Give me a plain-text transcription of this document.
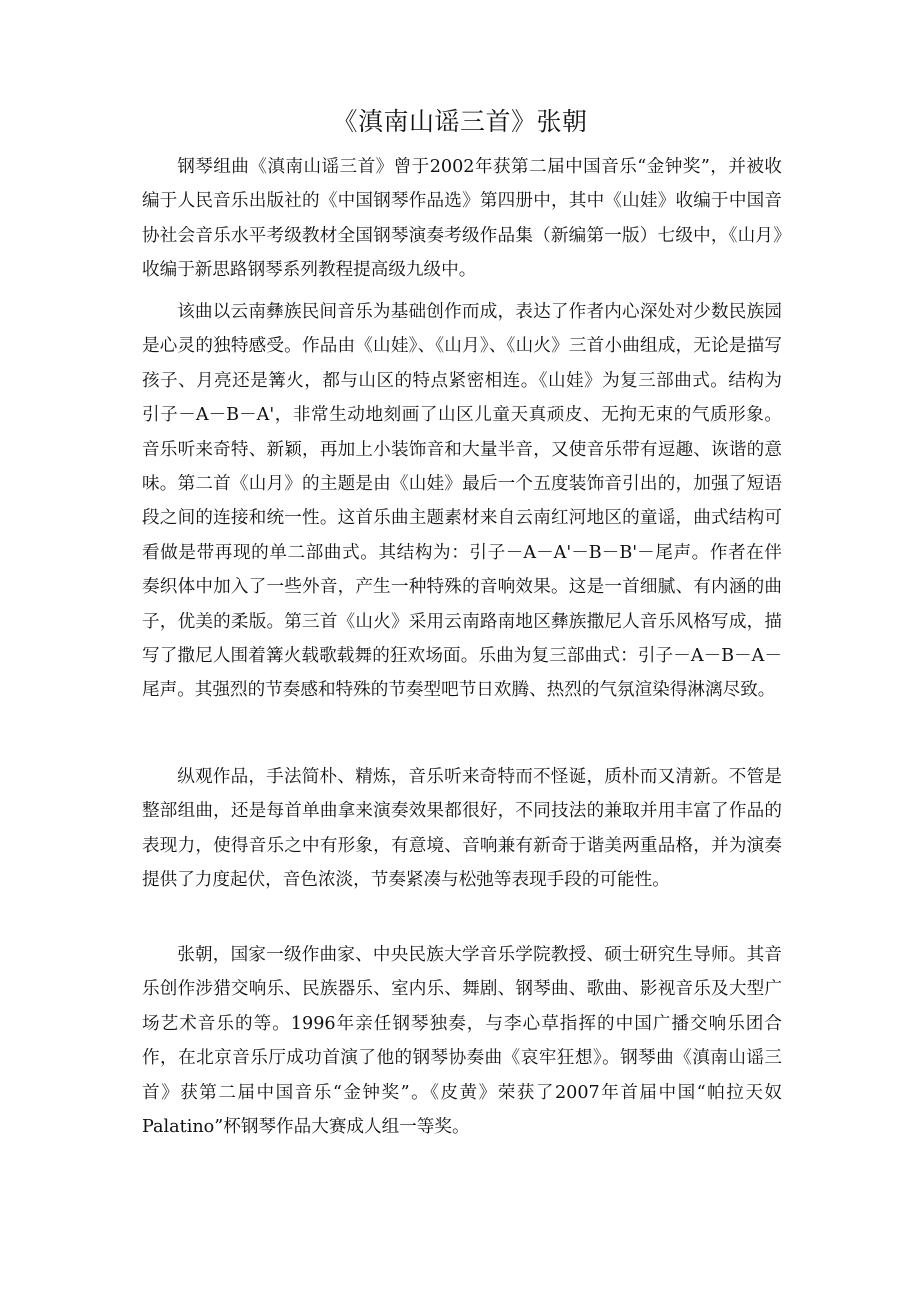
《滇南山谣三首》张朝

钢琴组曲《滇南山谣三首》曾于2002年获第二届中国音乐“金钟奖”，并被收编于人民音乐出版社的《中国钢琴作品选》第四册中，其中《山娃》收编于中国音协社会音乐水平考级教材全国钢琴演奏考级作品集（新编第一版）七级中，《山月》收编于新思路钢琴系列教程提高级九级中。

该曲以云南彝族民间音乐为基础创作而成，表达了作者内心深处对少数民族园是心灵的独特感受。作品由《山娃》、《山月》、《山火》三首小曲组成，无论是描写孩子、月亮还是篝火，都与山区的特点紧密相连。《山娃》为复三部曲式。结构为引子－A－B－A'，非常生动地刻画了山区儿童天真顽皮、无拘无束的气质形象。音乐听来奇特、新颖，再加上小装饰音和大量半音，又使音乐带有逗趣、诙谐的意味。第二首《山月》的主题是由《山娃》最后一个五度装饰音引出的，加强了短语段之间的连接和统一性。这首乐曲主题素材来自云南红河地区的童谣，曲式结构可看做是带再现的单二部曲式。其结构为：引子－A－A'－B－B'－尾声。作者在伴奏织体中加入了一些外音，产生一种特殊的音响效果。这是一首细腻、有内涵的曲子，优美的柔版。第三首《山火》采用云南路南地区彝族撒尼人音乐风格写成，描写了撒尼人围着篝火载歌载舞的狂欢场面。乐曲为复三部曲式：引子－A－B－A－尾声。其强烈的节奏感和特殊的节奏型吧节日欢腾、热烈的气氛渲染得淋漓尽致。

纵观作品，手法简朴、精炼，音乐听来奇特而不怪诞，质朴而又清新。不管是整部组曲，还是每首单曲拿来演奏效果都很好，不同技法的兼取并用丰富了作品的表现力，使得音乐之中有形象，有意境、音响兼有新奇于谐美两重品格，并为演奏提供了力度起伏，音色浓淡，节奏紧凑与松弛等表现手段的可能性。

张朝，国家一级作曲家、中央民族大学音乐学院教授、硕士研究生导师。其音乐创作涉猎交响乐、民族器乐、室内乐、舞剧、钢琴曲、歌曲、影视音乐及大型广场艺术音乐的等。1996年亲任钢琴独奏，与李心草指挥的中国广播交响乐团合作，在北京音乐厅成功首演了他的钢琴协奏曲《哀牢狂想》。钢琴曲《滇南山谣三首》获第二届中国音乐“金钟奖”。《皮黄》荣获了2007年首届中国“帕拉天奴Palatino”杯钢琴作品大赛成人组一等奖。
